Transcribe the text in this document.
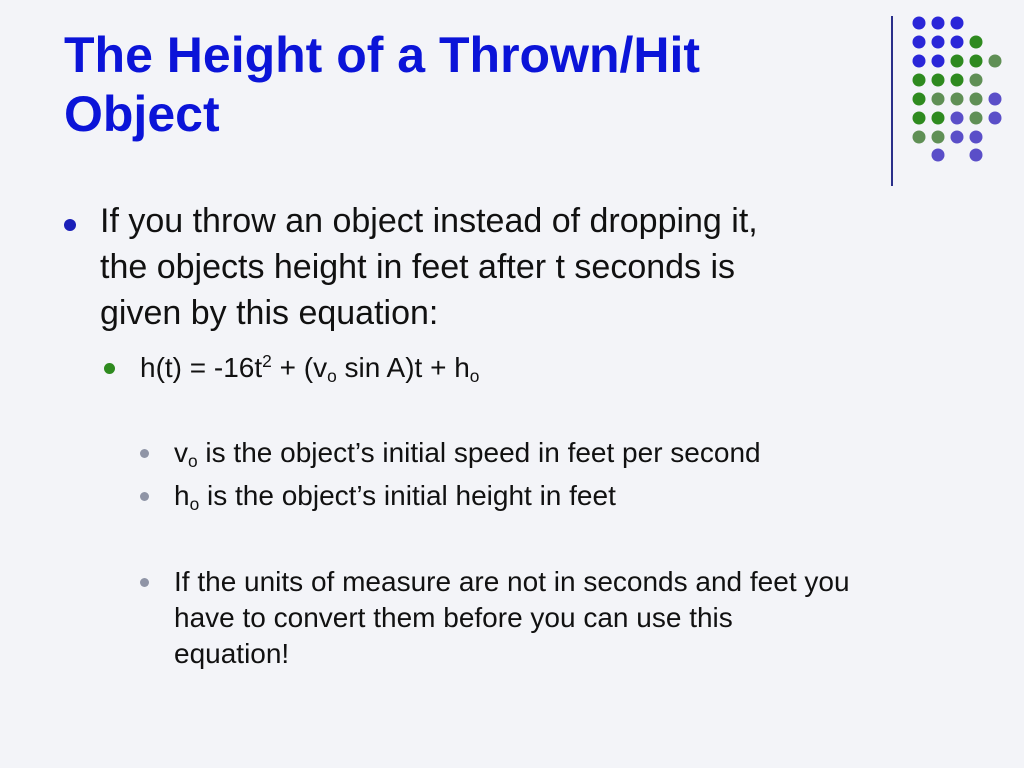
The Height of a Thrown/Hit
Object

If you throw an object instead of dropping it,
the objects height in feet after t seconds is
given by this equation:

$h(t) = -16t^2 + (v_o$ $\sin A)t + h_o$

$v_o$ is the object’s initial speed in feet per second

$h_o$ is the object’s initial height in feet

If the units of measure are not in seconds and feet you
have to convert them before you can use this
equation!
